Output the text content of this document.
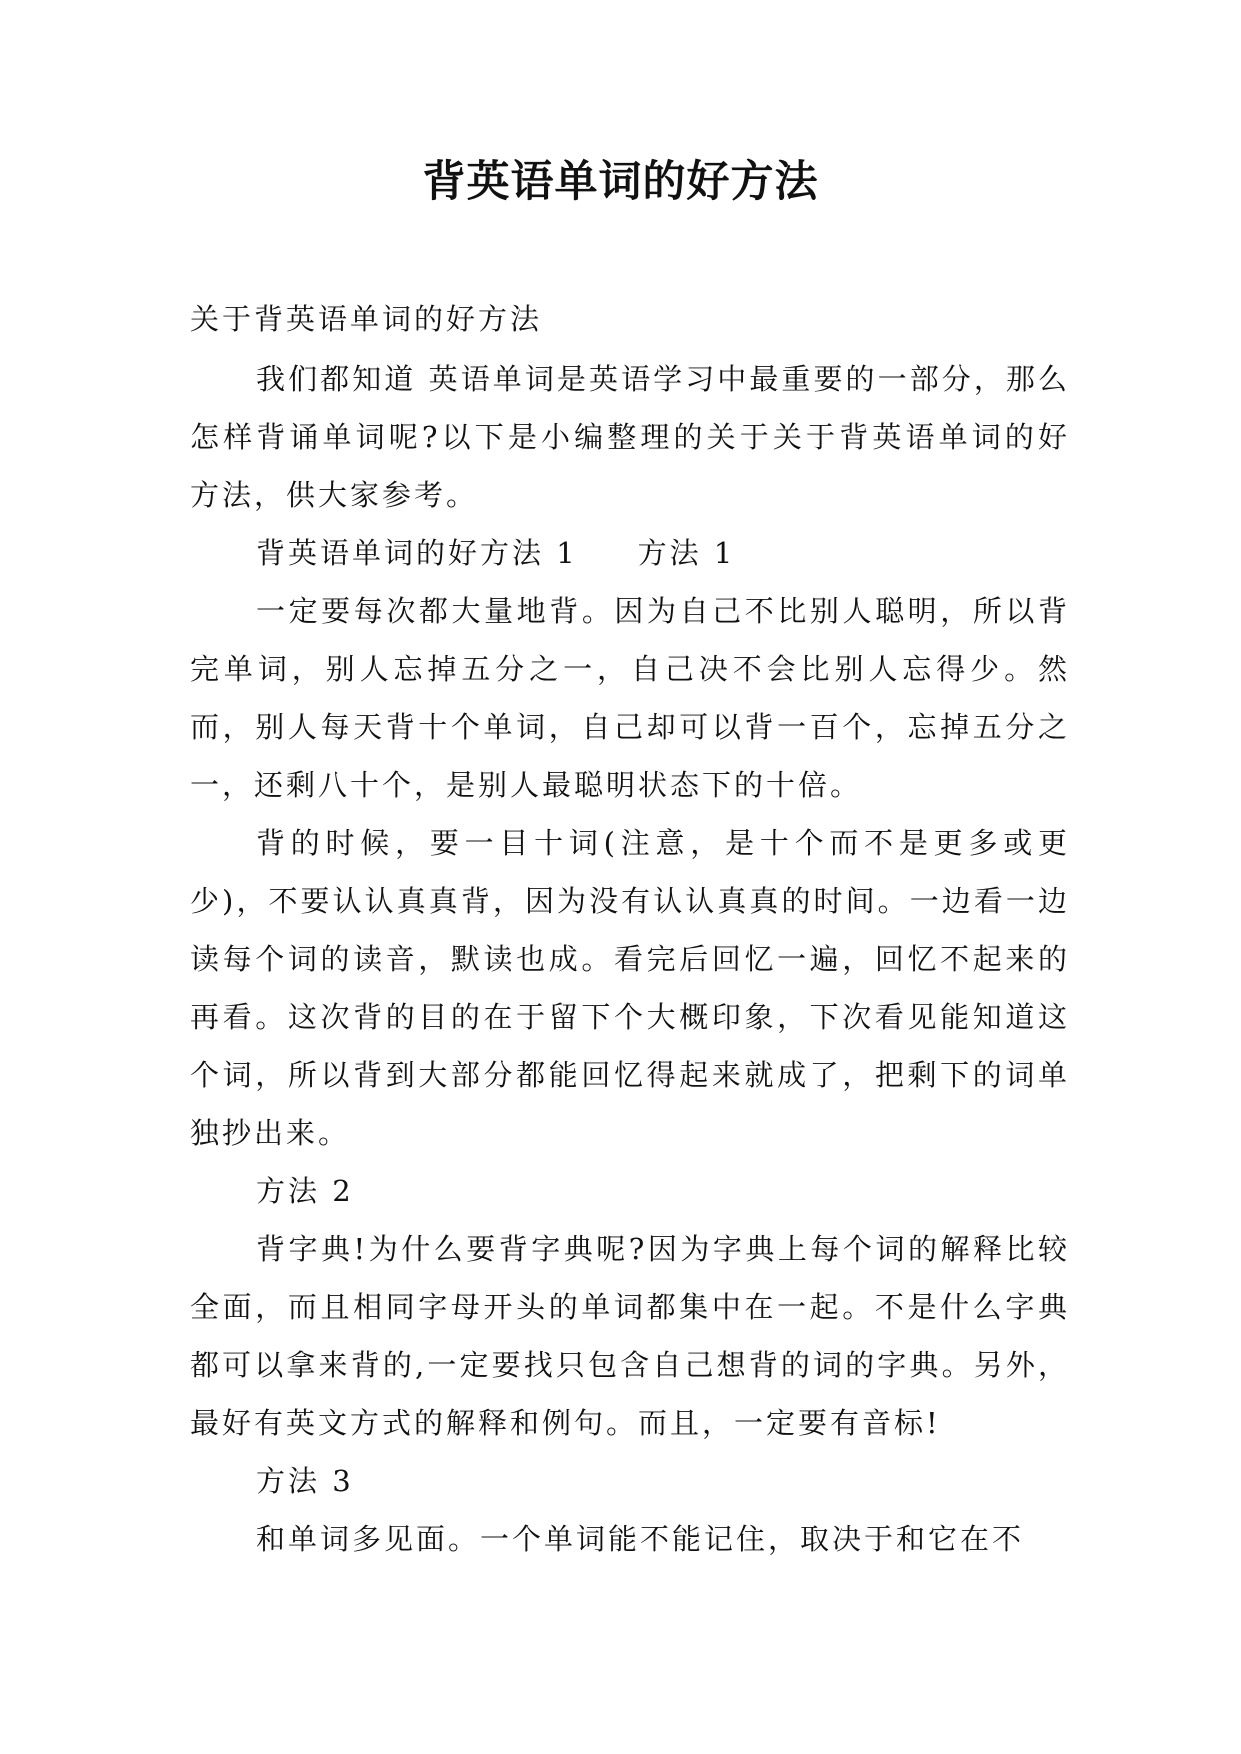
背英语单词的好方法

关于背英语单词的好方法

我们都知道 英语单词是英语学习中最重要的一部分，那么怎样背诵单词呢?以下是小编整理的关于关于背英语单词的好方法，供大家参考。

背英语单词的好方法 1 方法 1

一定要每次都大量地背。因为自己不比别人聪明，所以背完单词，别人忘掉五分之一，自己决不会比别人忘得少。然而，别人每天背十个单词，自己却可以背一百个，忘掉五分之一，还剩八十个，是别人最聪明状态下的十倍。

背的时候，要一目十词(注意，是十个而不是更多或更少)，不要认认真真背，因为没有认认真真的时间。一边看一边读每个词的读音，默读也成。看完后回忆一遍，回忆不起来的再看。这次背的目的在于留下个大概印象，下次看见能知道这个词，所以背到大部分都能回忆得起来就成了，把剩下的词单独抄出来。

方法 2

背字典!为什么要背字典呢?因为字典上每个词的解释比较全面，而且相同字母开头的单词都集中在一起。不是什么字典都可以拿来背的,一定要找只包含自己想背的词的字典。另外，最好有英文方式的解释和例句。而且，一定要有音标!

方法 3

和单词多见面。一个单词能不能记住，取决于和它在不
